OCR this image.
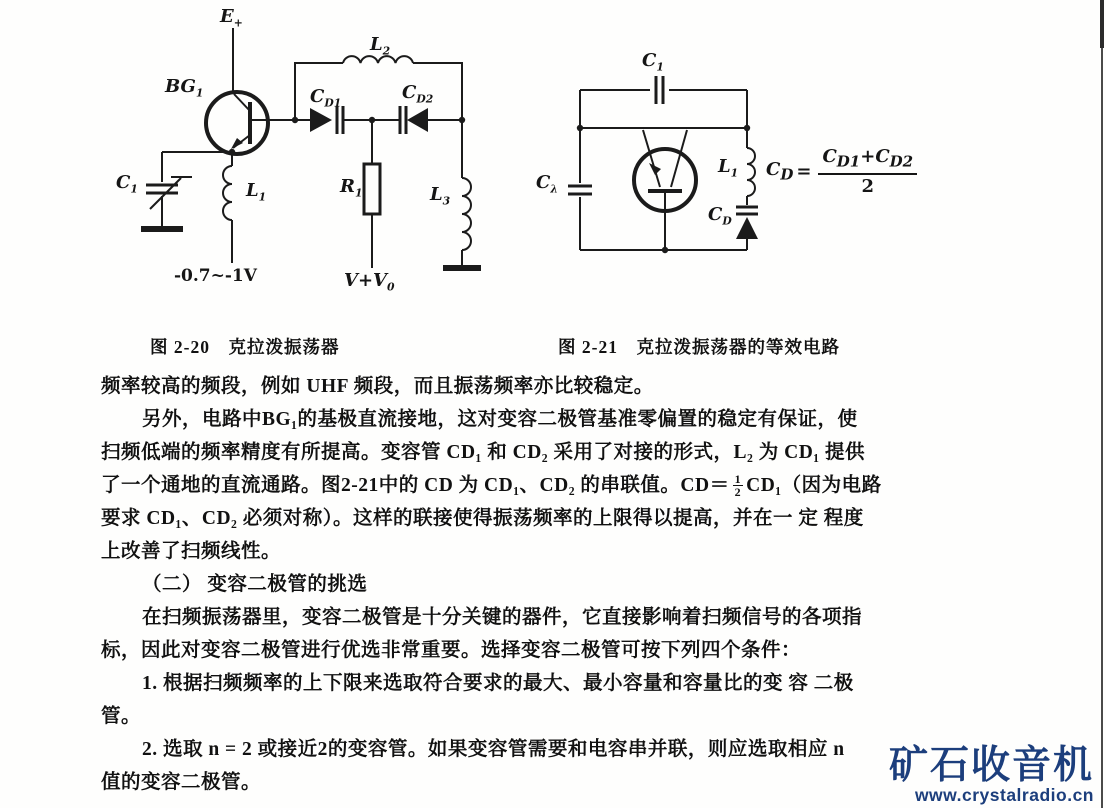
$E_+$
$BG_1$
$C_1$	$L_1$
$L_2$
$C_{D1}$	$C_{D2}$
$R_1$	$L_3$
-0.7~-1V	$V+V_0$
$C_1$
$C_\lambda$
$L_1$
$C_D$
$C_D = \frac{C_{D1}+C_{D2}}{2}$
图 2-20　克拉泼振荡器	图 2-21　克拉泼振荡器的等效电路
频率较高的频段，例如 UHF 频段，而且振荡频率亦比较稳定。
另外，电路中BG₁的基极直流接地，这对变容二极管基准零偏置的稳定有保证，使
扫频低端的频率精度有所提高。变容管 CD₁ 和 CD₂ 采用了对接的形式，L₂ 为 CD₁ 提供
了一个通地的直流通路。图2-21中的 CD 为 CD₁、CD₂ 的串联值。$CD= \frac{1}{2} CD_1$（因为电路
要求 CD₁、CD₂ 必须对称）。这样的联接使得振荡频率的上限得以提高，并在一 定 程度
上改善了扫频线性。
（二） 变容二极管的挑选
在扫频振荡器里，变容二极管是十分关键的器件，它直接影响着扫频信号的各项指
标，因此对变容二极管进行优选非常重要。选择变容二极管可按下列四个条件：
1. 根据扫频频率的上下限来选取符合要求的最大、最小容量和容量比的变 容 二极
管。
2. 选取 n = 2 或接近2的变容管。如果变容管需要和电容串并联，则应选取相应 n
值的变容二极管。	矿石收音机
www.crystalradio.cn
